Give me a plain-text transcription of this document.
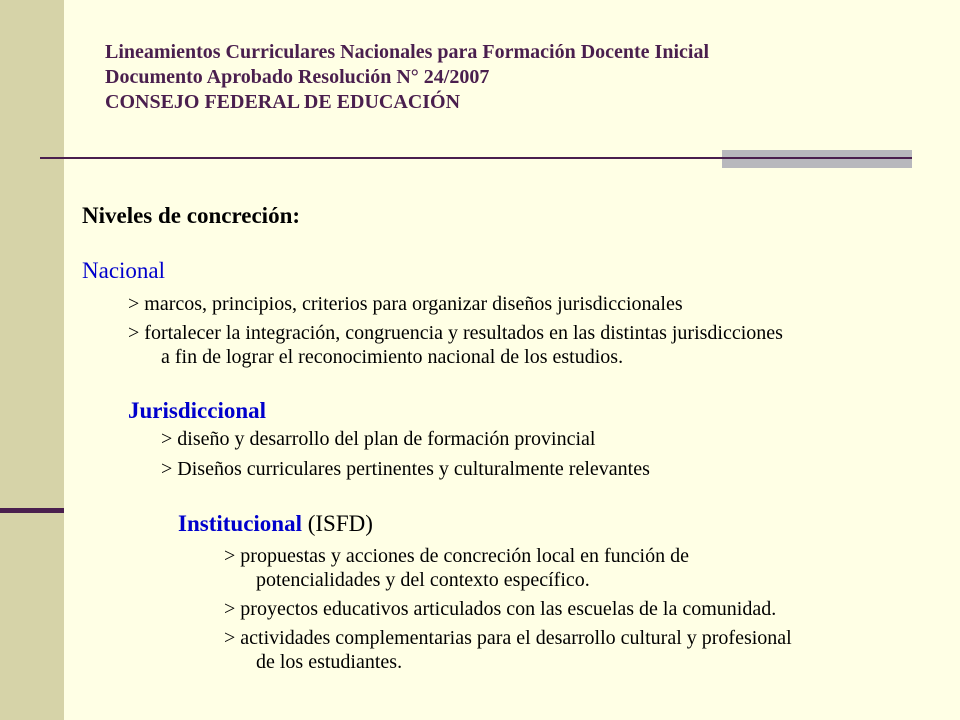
Lineamientos Curriculares Nacionales para Formación Docente Inicial
Documento Aprobado Resolución N° 24/2007
CONSEJO FEDERAL DE EDUCACIÓN
Niveles de concreción:
Nacional
> marcos, principios, criterios para organizar diseños jurisdiccionales
> fortalecer la integración, congruencia y resultados en las distintas jurisdicciones
a fin de lograr el reconocimiento nacional de los estudios.
Jurisdiccional
> diseño y desarrollo del plan de formación provincial
> Diseños curriculares pertinentes y culturalmente relevantes
Institucional (ISFD)
> propuestas y acciones de concreción local en función de
potencialidades y del contexto específico.
> proyectos educativos articulados con las escuelas de la comunidad.
> actividades complementarias para el desarrollo cultural y profesional
de los estudiantes.
